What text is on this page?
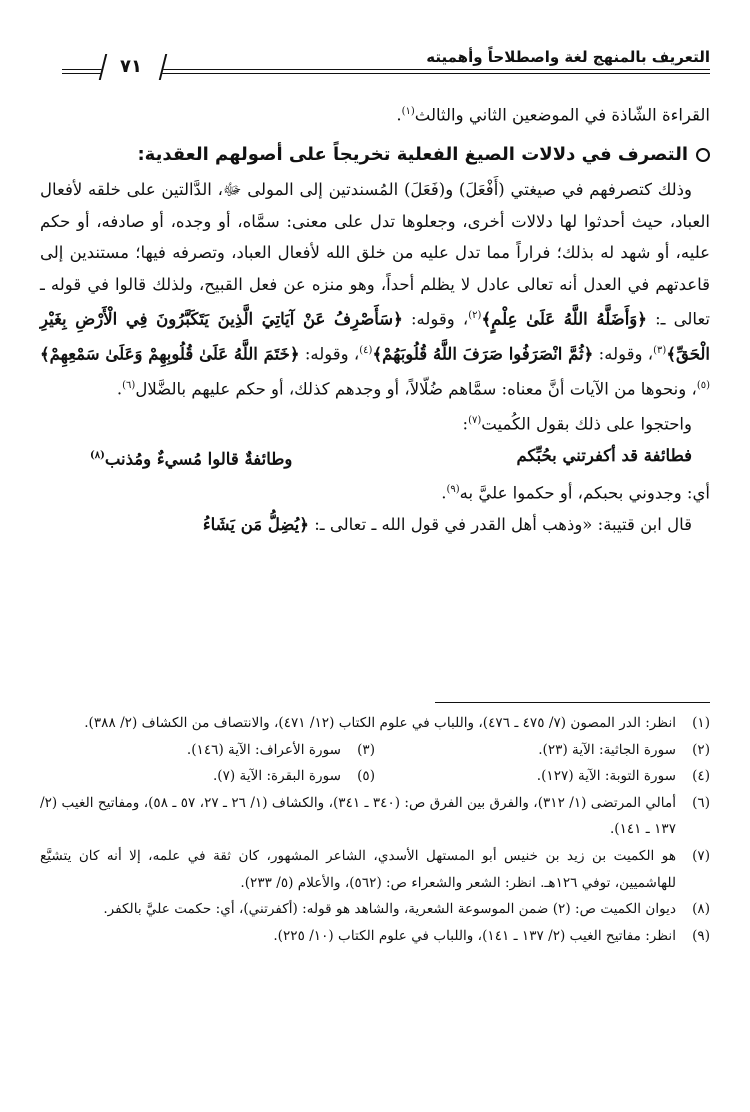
التعريف بالمنهج لغة واصطلاحاً وأهميته
٧١

القراءة الشّاذة في الموضعين الثاني والثالث$^{(١)}$.

التصرف في دلالات الصيغ الفعلية تخريجاً على أصولهم العقدية:

وذلك كتصرفهم في صيغتي (أَفْعَلَ) و(فَعَلَ) المُسندتين إلى المولى ﷻ، الدَّالتين على خلقه لأفعال العباد، حيث أحدثوا لها دلالات أخرى، وجعلوها تدل على معنى: سمَّاه، أو وجده، أو صادفه، أو حكم عليه، أو شهد له بذلك؛ فراراً مما تدل عليه من خلق الله لأفعال العباد، وتصرفه فيها؛ مستندين إلى قاعدتهم في العدل أنه تعالى عادل لا يظلم أحداً، وهو منزه عن فعل القبيح، ولذلك قالوا في قوله ـ تعالى ـ: ﴿وَأَضَلَّهُ اللَّهُ عَلَىٰ عِلْمٍ﴾$^{(٢)}$، وقوله: ﴿سَأَصْرِفُ عَنْ آيَاتِيَ الَّذِينَ يَتَكَبَّرُونَ فِي الْأَرْضِ بِغَيْرِ الْحَقِّ﴾$^{(٣)}$، وقوله: ﴿ثُمَّ انْصَرَفُوا صَرَفَ اللَّهُ قُلُوبَهُمْ﴾$^{(٤)}$، وقوله: ﴿خَتَمَ اللَّهُ عَلَىٰ قُلُوبِهِمْ وَعَلَىٰ سَمْعِهِمْ﴾$^{(٥)}$، ونحوها من الآيات أنَّ معناه: سمَّاهم ضُلّالاً، أو وجدهم كذلك، أو حكم عليهم بالضَّلال$^{(٦)}$.

واحتجوا على ذلك بقول الكُميت$^{(٧)}$:

فطائفة قد أكفرتني بحُبِّكم
وطائفةٌ قالوا مُسيءٌ ومُذنب$^{(٨)}$

أي: وجدوني بحبكم، أو حكموا عليَّ به$^{(٩)}$.

قال ابن قتيبة: «وذهب أهل القدر في قول الله ـ تعالى ـ: ﴿يُضِلُّ مَن يَشَاءُ

(١)
انظر: الدر المصون (٧/ ٤٧٥ ـ ٤٧٦)، واللباب في علوم الكتاب (١٢/ ٤٧١)، والانتصاف من الكشاف (٢/ ٣٨٨).
(٢)
سورة الجاثية: الآية (٢٣).
(٣)
سورة الأعراف: الآية (١٤٦).
(٤)
سورة التوبة: الآية (١٢٧).
(٥)
سورة البقرة: الآية (٧).
(٦)
أمالي المرتضى (١/ ٣١٢)، والفرق بين الفرق ص: (٣٤٠ ـ ٣٤١)، والكشاف (١/ ٢٦ ـ ٢٧، ٥٧ ـ ٥٨)، ومفاتيح الغيب (٢/ ١٣٧ ـ ١٤١).
(٧)
هو الكميت بن زيد بن خنيس أبو المستهل الأسدي، الشاعر المشهور، كان ثقة في علمه، إلا أنه كان يتشيَّع للهاشميين، توفي ١٢٦هـ. انظر: الشعر والشعراء ص: (٥٦٢)، والأعلام (٥/ ٢٣٣).
(٨)
ديوان الكميت ص: (٢) ضمن الموسوعة الشعرية، والشاهد هو قوله: (أكفرتني)، أي: حكمت عليَّ بالكفر.
(٩)
انظر: مفاتيح الغيب (٢/ ١٣٧ ـ ١٤١)، واللباب في علوم الكتاب (١٠/ ٢٢٥).
